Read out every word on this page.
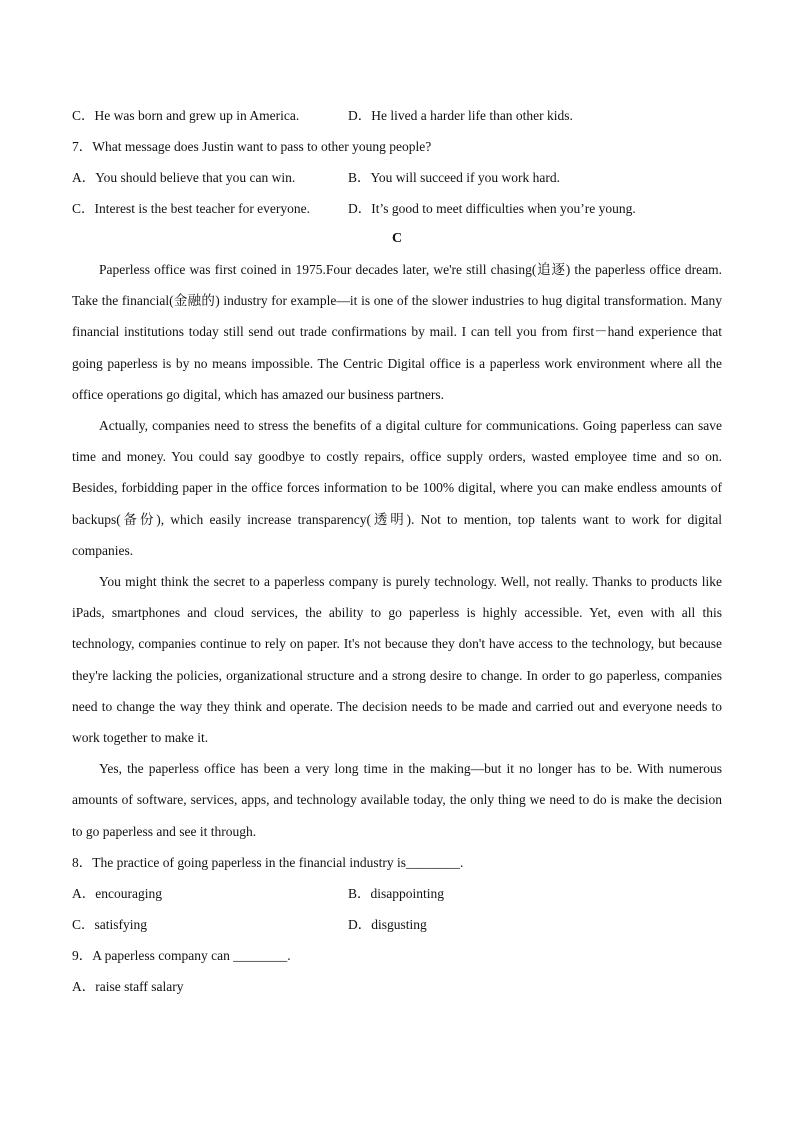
C．He was born and grew up in America.	D．He lived a harder life than other kids.
7．What message does Justin want to pass to other young people?
A．You should believe that you can win.	B．You will succeed if you work hard.
C．Interest is the best teacher for everyone.	D．It’s good to meet difficulties when you’re young.
C

Paperless office was first coined in 1975.Four decades later, we're still chasing(追逐) the paperless office dream. Take the financial(金融的) industry for example—it is one of the slower industries to hug digital transformation. Many financial institutions today still send out trade confirmations by mail. I can tell you from first－hand experience that going paperless is by no means impossible. The Centric Digital office is a paperless work environment where all the office operations go digital, which has amazed our business partners.

Actually, companies need to stress the benefits of a digital culture for communications. Going paperless can save time and money. You could say goodbye to costly repairs, office supply orders, wasted employee time and so on. Besides, forbidding paper in the office forces information to be 100% digital, where you can make endless amounts of backups(备份), which easily increase transparency(透明). Not to mention, top talents want to work for digital companies.

You might think the secret to a paperless company is purely technology. Well, not really. Thanks to products like iPads, smartphones and cloud services, the ability to go paperless is highly accessible. Yet, even with all this technology, companies continue to rely on paper. It's not because they don't have access to the technology, but because they're lacking the policies, organizational structure and a strong desire to change. In order to go paperless, companies need to change the way they think and operate. The decision needs to be made and carried out and everyone needs to work together to make it.

Yes, the paperless office has been a very long time in the making—but it no longer has to be. With numerous amounts of software, services, apps, and technology available today, the only thing we need to do is make the decision to go paperless and see it through.

8．The practice of going paperless in the financial industry is________.
A．encouraging	B．disappointing
C．satisfying	D．disgusting
9．A paperless company can ________.
A．raise staff salary
